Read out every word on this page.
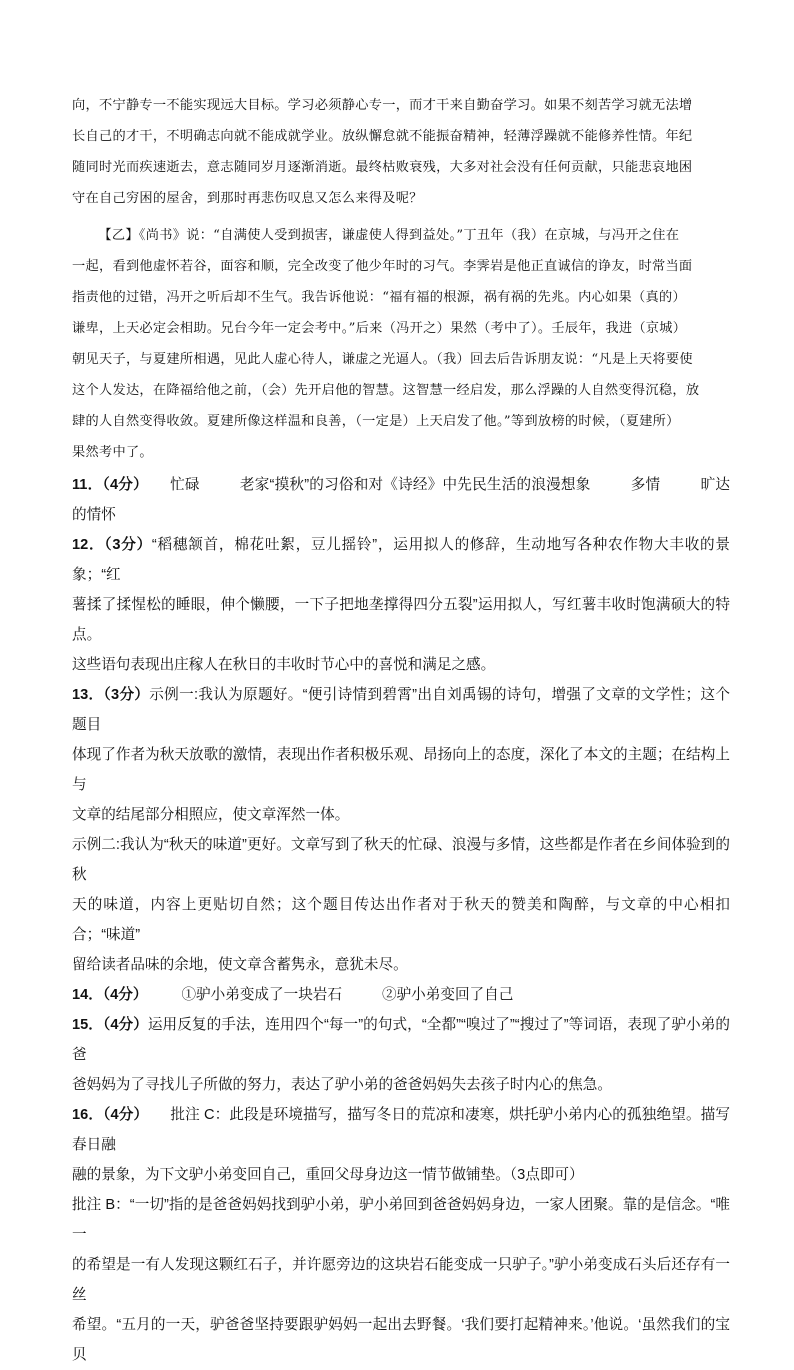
向，不宁静专一不能实现远大目标。学习必须静心专一，而才干来自勤奋学习。如果不刻苦学习就无法增

长自己的才干，不明确志向就不能成就学业。放纵懈怠就不能振奋精神，轻薄浮躁就不能修养性情。年纪

随同时光而疾速逝去，意志随同岁月逐渐消逝。最终枯败衰残，大多对社会没有任何贡献，只能悲哀地困

守在自己穷困的屋舍，到那时再悲伤叹息又怎么来得及呢？

【乙】《尚书》说：“自满使人受到损害，谦虚使人得到益处。”丁丑年（我）在京城，与冯开之住在

一起，看到他虚怀若谷，面容和顺，完全改变了他少年时的习气。李霁岩是他正直诚信的诤友，时常当面

指责他的过错，冯开之听后却不生气。我告诉他说：“福有福的根源，祸有祸的先兆。内心如果（真的）

谦卑，上天必定会相助。兄台今年一定会考中。”后来（冯开之）果然（考中了）。壬辰年，我进（京城）

朝见天子，与夏建所相遇，见此人虚心待人，谦虚之光逼人。（我）回去后告诉朋友说：“凡是上天将要使

这个人发达，在降福给他之前，（会）先开启他的智慧。这智慧一经启发，那么浮躁的人自然变得沉稳，放

肆的人自然变得收敛。夏建所像这样温和良善，（一定是）上天启发了他。”等到放榜的时候，（夏建所）

果然考中了。

11．（4分） 忙碌	老家“摸秋”的习俗和对《诗经》中先民生活的浪漫想象	多情	旷达的情怀

12．（3分）“稻穗颔首，棉花吐絮，豆儿摇铃”，运用拟人的修辞，生动地写各种农作物大丰收的景象；“红

薯揉了揉惺松的睡眼，伸个懒腰，一下子把地垄撑得四分五裂”运用拟人，写红薯丰收时饱满硕大的特点。

这些语句表现出庄稼人在秋日的丰收时节心中的喜悦和满足之感。

13．（3分）示例一:我认为原题好。“便引诗情到碧霄”出自刘禹锡的诗句，增强了文章的文学性；这个题目

体现了作者为秋天放歌的激情，表现出作者积极乐观、昂扬向上的态度，深化了本文的主题；在结构上与

文章的结尾部分相照应，使文章浑然一体。

示例二:我认为“秋天的味道”更好。文章写到了秋天的忙碌、浪漫与多情，这些都是作者在乡间体验到的秋

天的味道，内容上更贴切自然；这个题目传达出作者对于秋天的赞美和陶醉，与文章的中心相扣合；“味道”

留给读者品味的余地，使文章含蓄隽永，意犹未尽。

14．（4分） ①驴小弟变成了一块岩石	②驴小弟变回了自己

15．（4分）运用反复的手法，连用四个“每一”的句式，“全都”“嗅过了”“搜过了”等词语，表现了驴小弟的爸

爸妈妈为了寻找儿子所做的努力，表达了驴小弟的爸爸妈妈失去孩子时内心的焦急。

16．（4分） 批注 C：此段是环境描写，描写冬日的荒凉和凄寒，烘托驴小弟内心的孤独绝望。描写春日融

融的景象，为下文驴小弟变回自己，重回父母身边这一情节做铺垫。（3点即可）

批注 B：“一切”指的是爸爸妈妈找到驴小弟，驴小弟回到爸爸妈妈身边，一家人团聚。靠的是信念。“唯一

的希望是一有人发现这颗红石子，并许愿旁边的这块岩石能变成一只驴子。”驴小弟变成石头后还存有一丝

希望。“五月的一天，驴爸爸坚持要跟驴妈妈一起出去野餐。‘我们要打起精神来。’他说。‘虽然我们的宝贝
